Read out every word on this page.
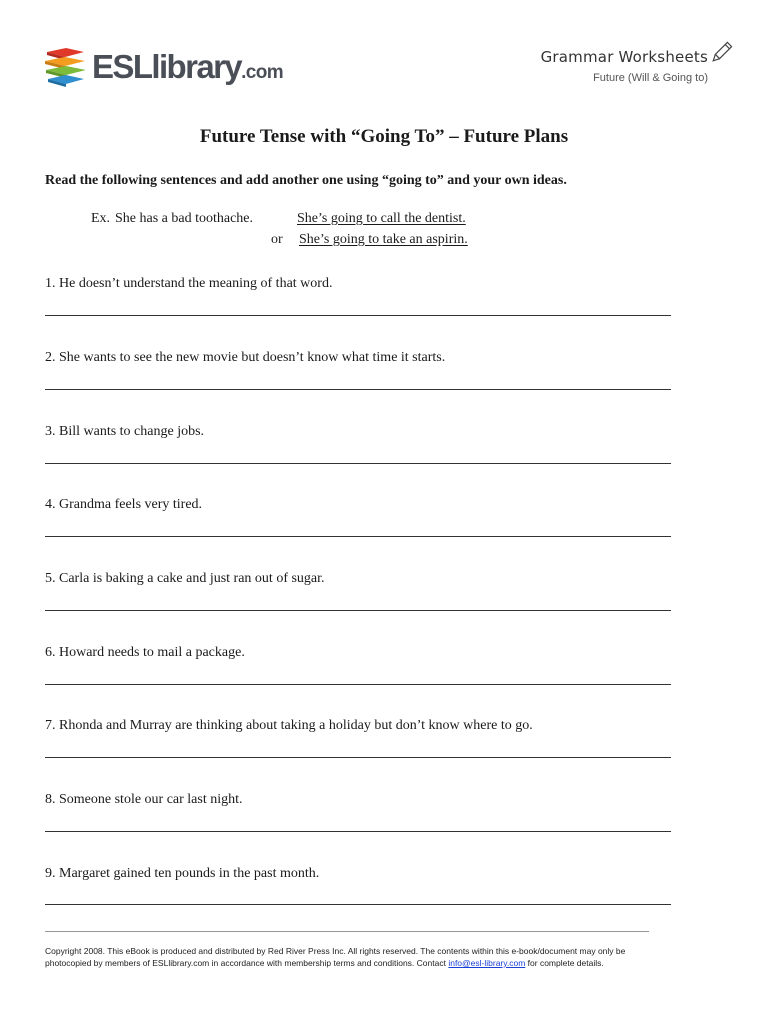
ESLlibrary.com
Grammar Worksheets
Future (Will & Going to)
Future Tense with “Going To” – Future Plans
Read the following sentences and add another one using “going to” and your own ideas.
Ex. She has a bad toothache.	She’s going to call the dentist.
or She’s going to take an aspirin.
1. He doesn’t understand the meaning of that word.
2. She wants to see the new movie but doesn’t know what time it starts.
3. Bill wants to change jobs.
4. Grandma feels very tired.
5. Carla is baking a cake and just ran out of sugar.
6. Howard needs to mail a package.
7. Rhonda and Murray are thinking about taking a holiday but don’t know where to go.
8. Someone stole our car last night.
9. Margaret gained ten pounds in the past month.
Copyright 2008. This eBook is produced and distributed by Red River Press Inc. All rights reserved. The contents within this e-book/document may only be
photocopied by members of ESLlibrary.com in accordance with membership terms and conditions. Contact info@esl-library.com for complete details.
